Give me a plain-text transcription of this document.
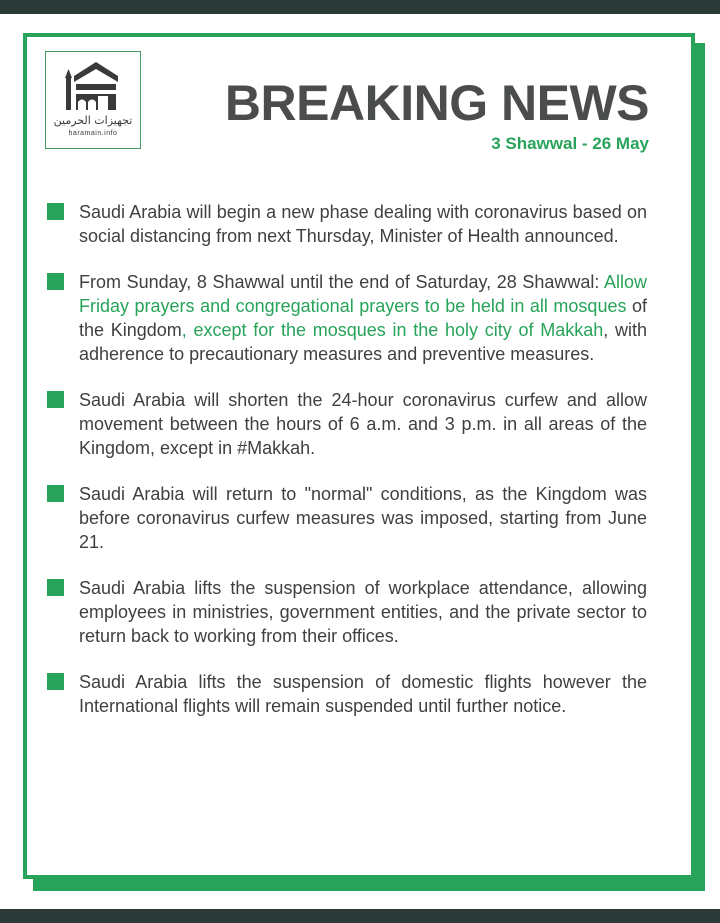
تجهيزات الحرمين
haramain.info
BREAKING NEWS
3 Shawwal - 26 May
Saudi Arabia will begin a new phase dealing with coronavirus based on social distancing from next Thursday, Minister of Health announced.
From Sunday, 8 Shawwal until the end of Saturday, 28 Shawwal: Allow Friday prayers and congregational prayers to be held in all mosques of the Kingdom, except for the mosques in the holy city of Makkah, with adherence to precautionary measures and preventive measures.
Saudi Arabia will shorten the 24-hour coronavirus curfew and allow movement between the hours of 6 a.m. and 3 p.m. in all areas of the Kingdom, except in #Makkah.
Saudi Arabia will return to "normal" conditions, as the Kingdom was before coronavirus curfew measures was imposed, starting from June 21.
Saudi Arabia lifts the suspension of workplace attendance, allowing employees in ministries, government entities, and the private sector to return back to working from their offices.
Saudi Arabia lifts the suspension of domestic flights however the International flights will remain suspended until further notice.
